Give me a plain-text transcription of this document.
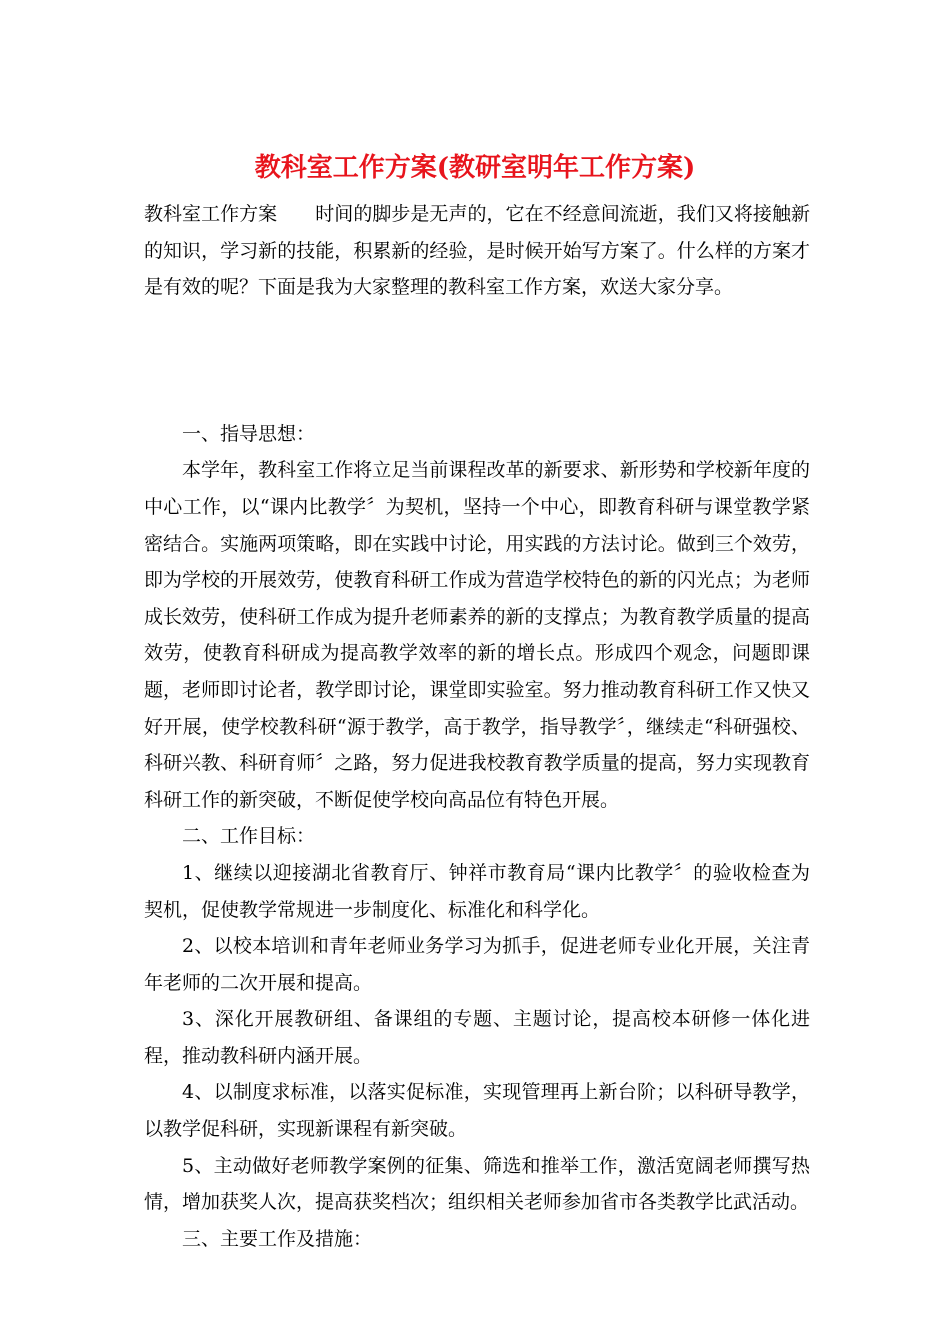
教科室工作方案(教研室明年工作方案)

教科室工作方案　　时间的脚步是无声的，它在不经意间流逝，我们又将接触新的知识，学习新的技能，积累新的经验，是时候开始写方案了。什么样的方案才是有效的呢？下面是我为大家整理的教科室工作方案，欢送大家分享。

一、指导思想：

本学年，教科室工作将立足当前课程改革的新要求、新形势和学校新年度的中心工作，以“课内比教学〞为契机，坚持一个中心，即教育科研与课堂教学紧密结合。实施两项策略，即在实践中讨论，用实践的方法讨论。做到三个效劳，即为学校的开展效劳，使教育科研工作成为营造学校特色的新的闪光点；为老师成长效劳，使科研工作成为提升老师素养的新的支撑点；为教育教学质量的提高效劳，使教育科研成为提高教学效率的新的增长点。形成四个观念，问题即课题，老师即讨论者，教学即讨论，课堂即实验室。努力推动教育科研工作又快又好开展，使学校教科研“源于教学，高于教学，指导教学〞，继续走“科研强校、科研兴教、科研育师〞之路，努力促进我校教育教学质量的提高，努力实现教育科研工作的新突破，不断促使学校向高品位有特色开展。

二、工作目标：

1、继续以迎接湖北省教育厅、钟祥市教育局“课内比教学〞的验收检查为契机，促使教学常规进一步制度化、标准化和科学化。

2、以校本培训和青年老师业务学习为抓手，促进老师专业化开展，关注青年老师的二次开展和提高。

3、深化开展教研组、备课组的专题、主题讨论，提高校本研修一体化进程，推动教科研内涵开展。

4、以制度求标准，以落实促标准，实现管理再上新台阶；以科研导教学，以教学促科研，实现新课程有新突破。

5、主动做好老师教学案例的征集、筛选和推举工作，激活宽阔老师撰写热情，增加获奖人次，提高获奖档次；组织相关老师参加省市各类教学比武活动。

三、主要工作及措施：
